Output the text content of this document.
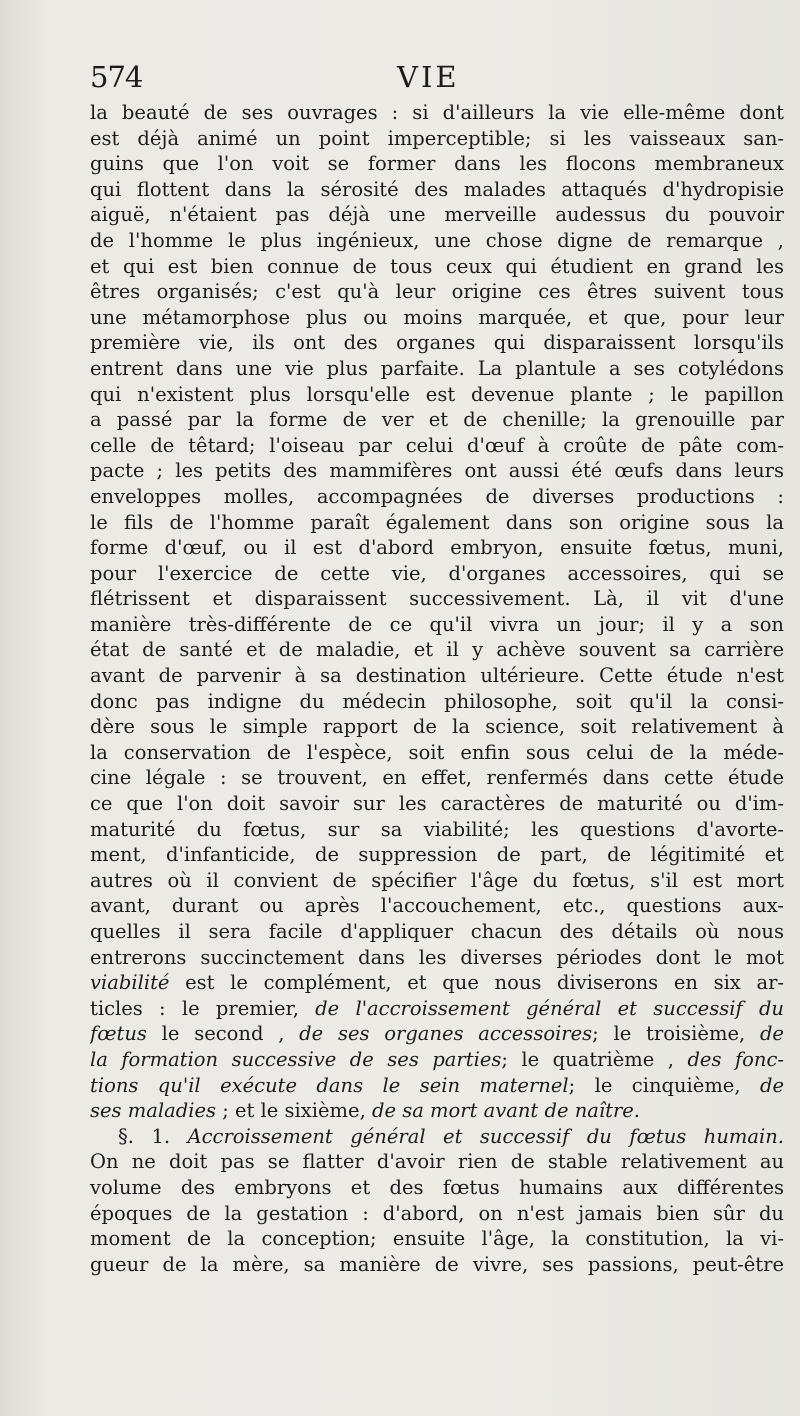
574	VIE
la beauté de ses ouvrages : si d'ailleurs la vie elle-même dont
est déjà animé un point imperceptible; si les vaisseaux san-
guins que l'on voit se former dans les flocons membraneux
qui flottent dans la sérosité des malades attaqués d'hydropisie
aiguë, n'étaient pas déjà une merveille audessus du pouvoir
de l'homme le plus ingénieux, une chose digne de remarque ,
et qui est bien connue de tous ceux qui étudient en grand les
êtres organisés; c'est qu'à leur origine ces êtres suivent tous
une métamorphose plus ou moins marquée, et que, pour leur
première vie, ils ont des organes qui disparaissent lorsqu'ils
entrent dans une vie plus parfaite. La plantule a ses cotylédons
qui n'existent plus lorsqu'elle est devenue plante ; le papillon
a passé par la forme de ver et de chenille; la grenouille par
celle de têtard; l'oiseau par celui d'œuf à croûte de pâte com-
pacte ; les petits des mammifères ont aussi été œufs dans leurs
enveloppes molles, accompagnées de diverses productions :
le fils de l'homme paraît également dans son origine sous la
forme d'œuf, ou il est d'abord embryon, ensuite fœtus, muni,
pour l'exercice de cette vie, d'organes accessoires, qui se
flétrissent et disparaissent successivement. Là, il vit d'une
manière très-différente de ce qu'il vivra un jour; il y a son
état de santé et de maladie, et il y achève souvent sa carrière
avant de parvenir à sa destination ultérieure. Cette étude n'est
donc pas indigne du médecin philosophe, soit qu'il la consi-
dère sous le simple rapport de la science, soit relativement à
la conservation de l'espèce, soit enfin sous celui de la méde-
cine légale : se trouvent, en effet, renfermés dans cette étude
ce que l'on doit savoir sur les caractères de maturité ou d'im-
maturité du fœtus, sur sa viabilité; les questions d'avorte-
ment, d'infanticide, de suppression de part, de légitimité et
autres où il convient de spécifier l'âge du fœtus, s'il est mort
avant, durant ou après l'accouchement, etc., questions aux-
quelles il sera facile d'appliquer chacun des détails où nous
entrerons succinctement dans les diverses périodes dont le mot
viabilité est le complément, et que nous diviserons en six ar-
ticles : le premier, de l'accroissement général et successif du
fœtus le second , de ses organes accessoires; le troisième, de
la formation successive de ses parties; le quatrième , des fonc-
tions qu'il exécute dans le sein maternel; le cinquième, de
ses maladies ; et le sixième, de sa mort avant de naître.
§. 1. Accroissement général et successif du fœtus humain.
On ne doit pas se flatter d'avoir rien de stable relativement au
volume des embryons et des fœtus humains aux différentes
époques de la gestation : d'abord, on n'est jamais bien sûr du
moment de la conception; ensuite l'âge, la constitution, la vi-
gueur de la mère, sa manière de vivre, ses passions, peut-être
